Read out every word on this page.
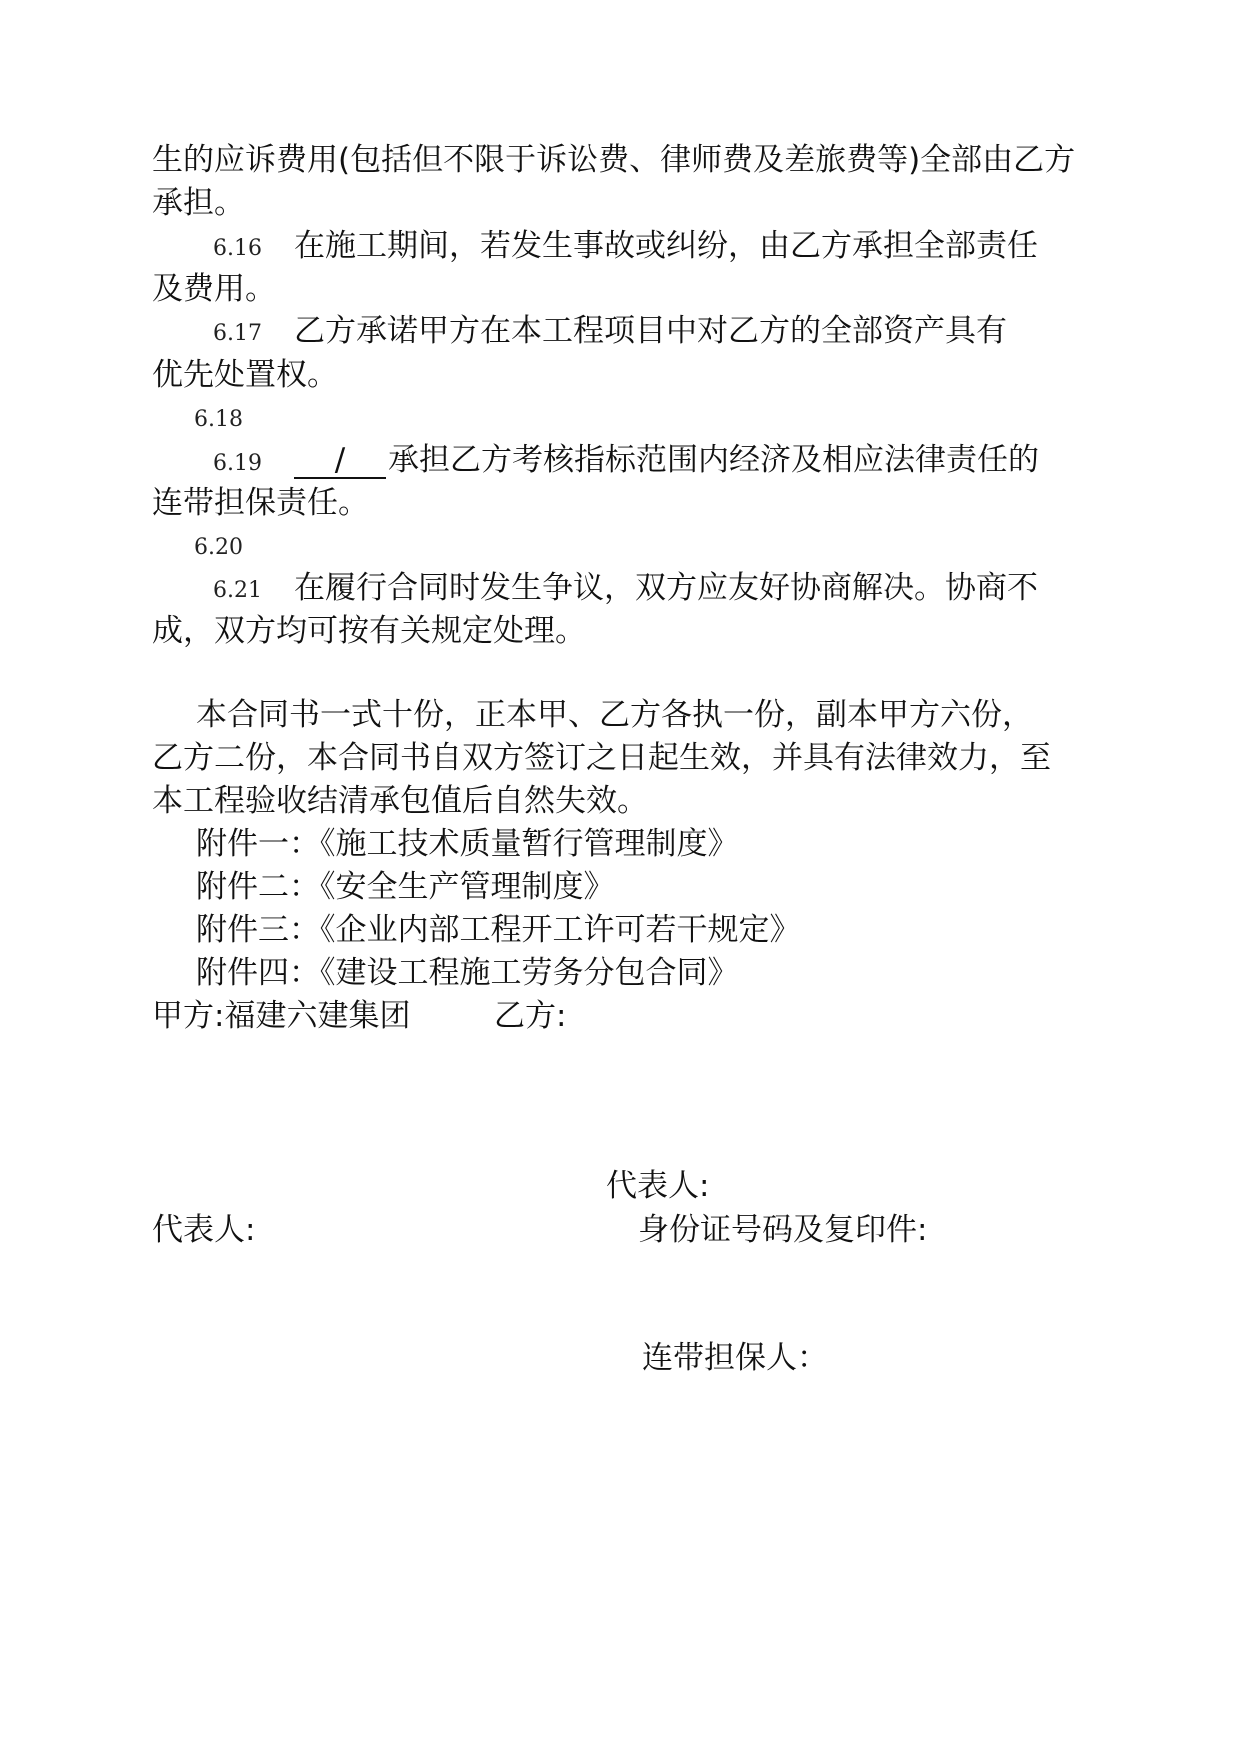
生的应诉费用(包括但不限于诉讼费、律师费及差旅费等)全部由乙方
承担。
6.16 在施工期间，若发生事故或纠纷，由乙方承担全部责任
及费用。
6.17 乙方承诺甲方在本工程项目中对乙方的全部资产具有
优先处置权。
6.18
6.19	/ 承担乙方考核指标范围内经济及相应法律责任的
连带担保责任。
6.20
6.21 在履行合同时发生争议，双方应友好协商解决。协商不
成，双方均可按有关规定处理。
本合同书一式十份，正本甲、乙方各执一份，副本甲方六份，
乙方二份，本合同书自双方签订之日起生效，并具有法律效力，至
本工程验收结清承包值后自然失效。
附件一：《施工技术质量暂行管理制度》
附件二：《安全生产管理制度》
附件三：《企业内部工程开工许可若干规定》
附件四：《建设工程施工劳务分包合同》
甲方:福建六建集团	乙方:
代表人:
代表人:	身份证号码及复印件:
连带担保人：
